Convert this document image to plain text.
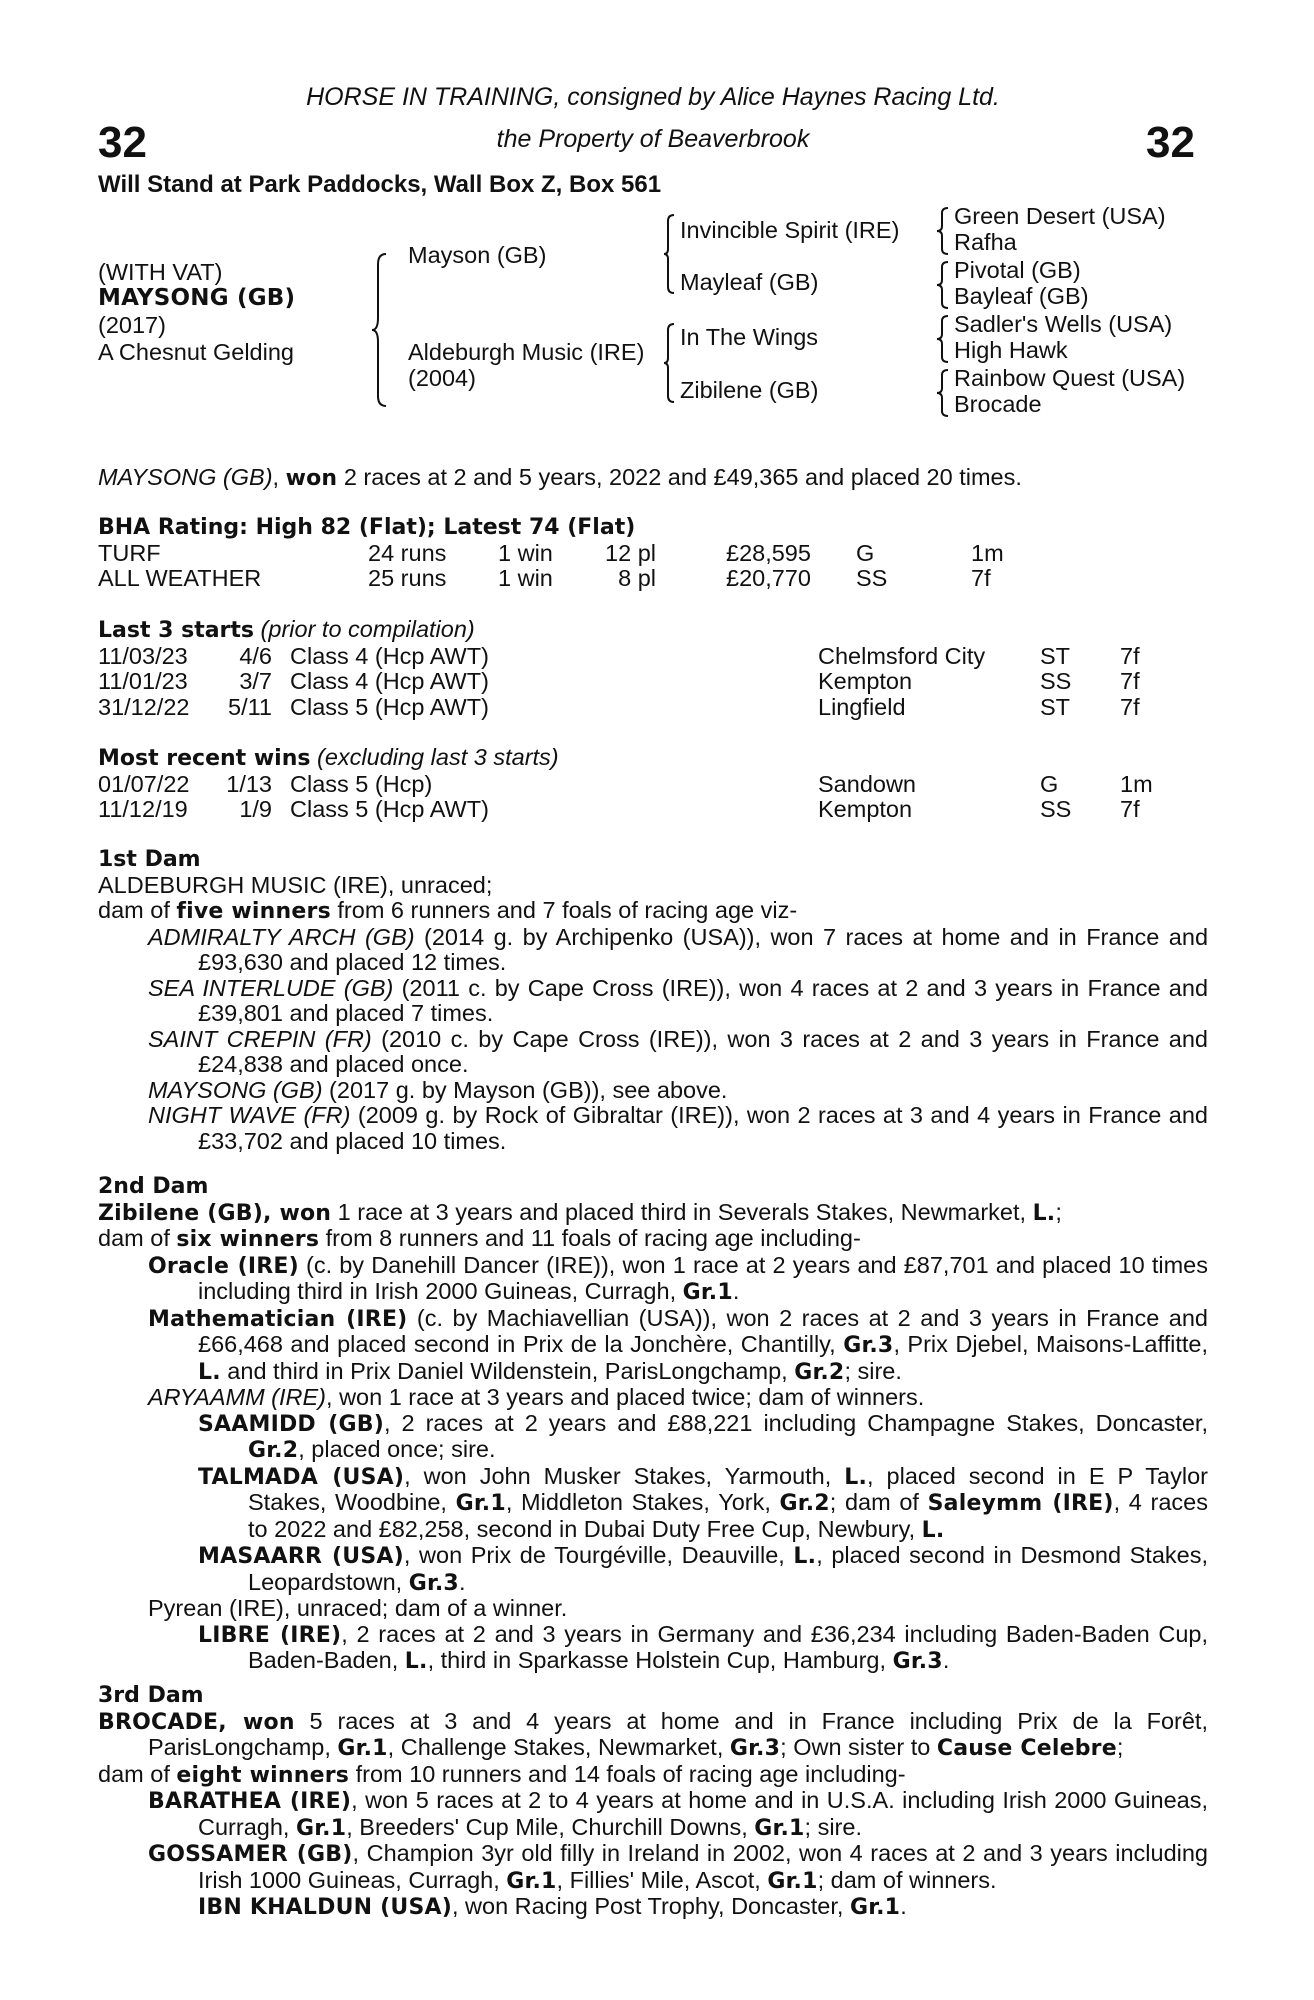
32	32
HORSE IN TRAINING, consigned by Alice Haynes Racing Ltd.
the Property of Beaverbrook
Will Stand at Park Paddocks, Wall Box Z, Box 561
(WITH VAT)
MAYSONG (GB)
(2017)
A Chesnut Gelding
Mayson (GB)
Aldeburgh Music (IRE)
(2004)
Invincible Spirit (IRE)
Mayleaf (GB)
In The Wings
Zibilene (GB)
Green Desert (USA)
Rafha
Pivotal (GB)
Bayleaf (GB)
Sadler's Wells (USA)
High Hawk
Rainbow Quest (USA)
Brocade
MAYSONG (GB), won 2 races at 2 and 5 years, 2022 and £49,365 and placed 20 times.
BHA Rating: High 82 (Flat); Latest 74 (Flat)
TURF	24 runs 1 win 12 pl	£28,595 G	1m
ALL WEATHER	25 runs 1 win	8 pl	£20,770 SS	7f
Last 3 starts (prior to compilation)
11/03/23 4/6 Class 4 (Hcp AWT)	Chelmsford City ST 7f
11/01/23 3/7 Class 4 (Hcp AWT)	Kempton	SS 7f
31/12/22 5/11 Class 5 (Hcp AWT)	Lingfield	ST 7f
Most recent wins (excluding last 3 starts)
01/07/22 1/13 Class 5 (Hcp)	Sandown	G	1m
11/12/19 1/9 Class 5 (Hcp AWT)	Kempton	SS 7f
1st Dam
ALDEBURGH MUSIC (IRE), unraced;
dam of five winners from 6 runners and 7 foals of racing age viz-
ADMIRALTY ARCH (GB) (2014 g. by Archipenko (USA)), won 7 races at home and in France and £93,630 and placed 12 times.
SEA INTERLUDE (GB) (2011 c. by Cape Cross (IRE)), won 4 races at 2 and 3 years in France and £39,801 and placed 7 times.
SAINT CREPIN (FR) (2010 c. by Cape Cross (IRE)), won 3 races at 2 and 3 years in France and £24,838 and placed once.
MAYSONG (GB) (2017 g. by Mayson (GB)), see above.
NIGHT WAVE (FR) (2009 g. by Rock of Gibraltar (IRE)), won 2 races at 3 and 4 years in France and £33,702 and placed 10 times.
2nd Dam
Zibilene (GB), won 1 race at 3 years and placed third in Severals Stakes, Newmarket, L.;
dam of six winners from 8 runners and 11 foals of racing age including-
Oracle (IRE) (c. by Danehill Dancer (IRE)), won 1 race at 2 years and £87,701 and placed 10 times including third in Irish 2000 Guineas, Curragh, Gr.1.
Mathematician (IRE) (c. by Machiavellian (USA)), won 2 races at 2 and 3 years in France and £66,468 and placed second in Prix de la Jonchère, Chantilly, Gr.3, Prix Djebel, Maisons-Laffitte, L. and third in Prix Daniel Wildenstein, ParisLongchamp, Gr.2; sire.
ARYAAMM (IRE), won 1 race at 3 years and placed twice; dam of winners.
SAAMIDD (GB), 2 races at 2 years and £88,221 including Champagne Stakes, Doncaster, Gr.2, placed once; sire.
TALMADA (USA), won John Musker Stakes, Yarmouth, L., placed second in E P Taylor Stakes, Woodbine, Gr.1, Middleton Stakes, York, Gr.2; dam of Saleymm (IRE), 4 races to 2022 and £82,258, second in Dubai Duty Free Cup, Newbury, L.
MASAARR (USA), won Prix de Tourgéville, Deauville, L., placed second in Desmond Stakes, Leopardstown, Gr.3.
Pyrean (IRE), unraced; dam of a winner.
LIBRE (IRE), 2 races at 2 and 3 years in Germany and £36,234 including Baden-Baden Cup, Baden-Baden, L., third in Sparkasse Holstein Cup, Hamburg, Gr.3.
3rd Dam
BROCADE, won 5 races at 3 and 4 years at home and in France including Prix de la Forêt, ParisLongchamp, Gr.1, Challenge Stakes, Newmarket, Gr.3; Own sister to Cause Celebre;
dam of eight winners from 10 runners and 14 foals of racing age including-
BARATHEA (IRE), won 5 races at 2 to 4 years at home and in U.S.A. including Irish 2000 Guineas, Curragh, Gr.1, Breeders' Cup Mile, Churchill Downs, Gr.1; sire.
GOSSAMER (GB), Champion 3yr old filly in Ireland in 2002, won 4 races at 2 and 3 years including Irish 1000 Guineas, Curragh, Gr.1, Fillies' Mile, Ascot, Gr.1; dam of winners.
IBN KHALDUN (USA), won Racing Post Trophy, Doncaster, Gr.1.
